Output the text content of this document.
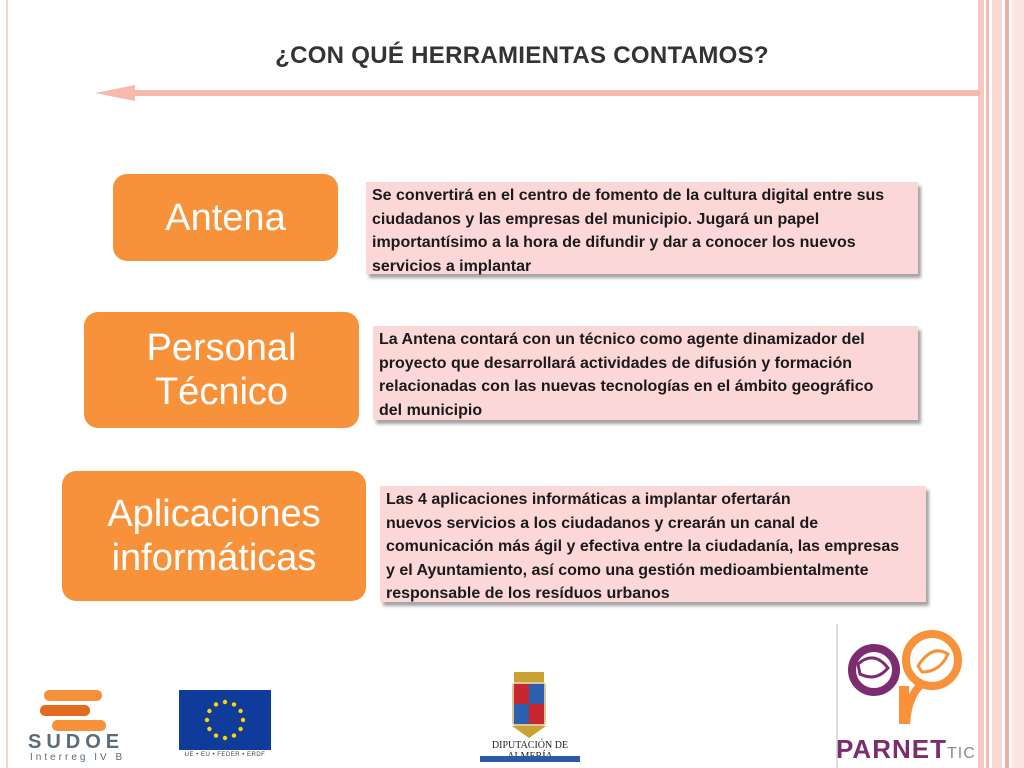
¿CON QUÉ HERRAMIENTAS CONTAMOS?
Antena
Se convertirá en el centro de fomento de la cultura digital entre sus
ciudadanos y las empresas del municipio. Jugará un papel
importantísimo a la hora de difundir y dar a conocer los nuevos
servicios a implantar
Personal
Técnico
La Antena contará con un técnico como agente dinamizador del
proyecto que desarrollará actividades de difusión y formación
relacionadas con las nuevas tecnologías en el ámbito geográfico
del municipio
Aplicaciones
informáticas
Las 4 aplicaciones informáticas a implantar ofertarán
nuevos servicios a los ciudadanos y crearán un canal de
comunicación más ágil y efectiva entre la ciudadanía, las empresas
y el Ayuntamiento, así como una gestión medioambientalmente
responsable de los resíduos urbanos
SUDOE
Interreg IV B	UE • EU • FEDER • ERDF
DIPUTACIÓN DE	PARNETTIC
